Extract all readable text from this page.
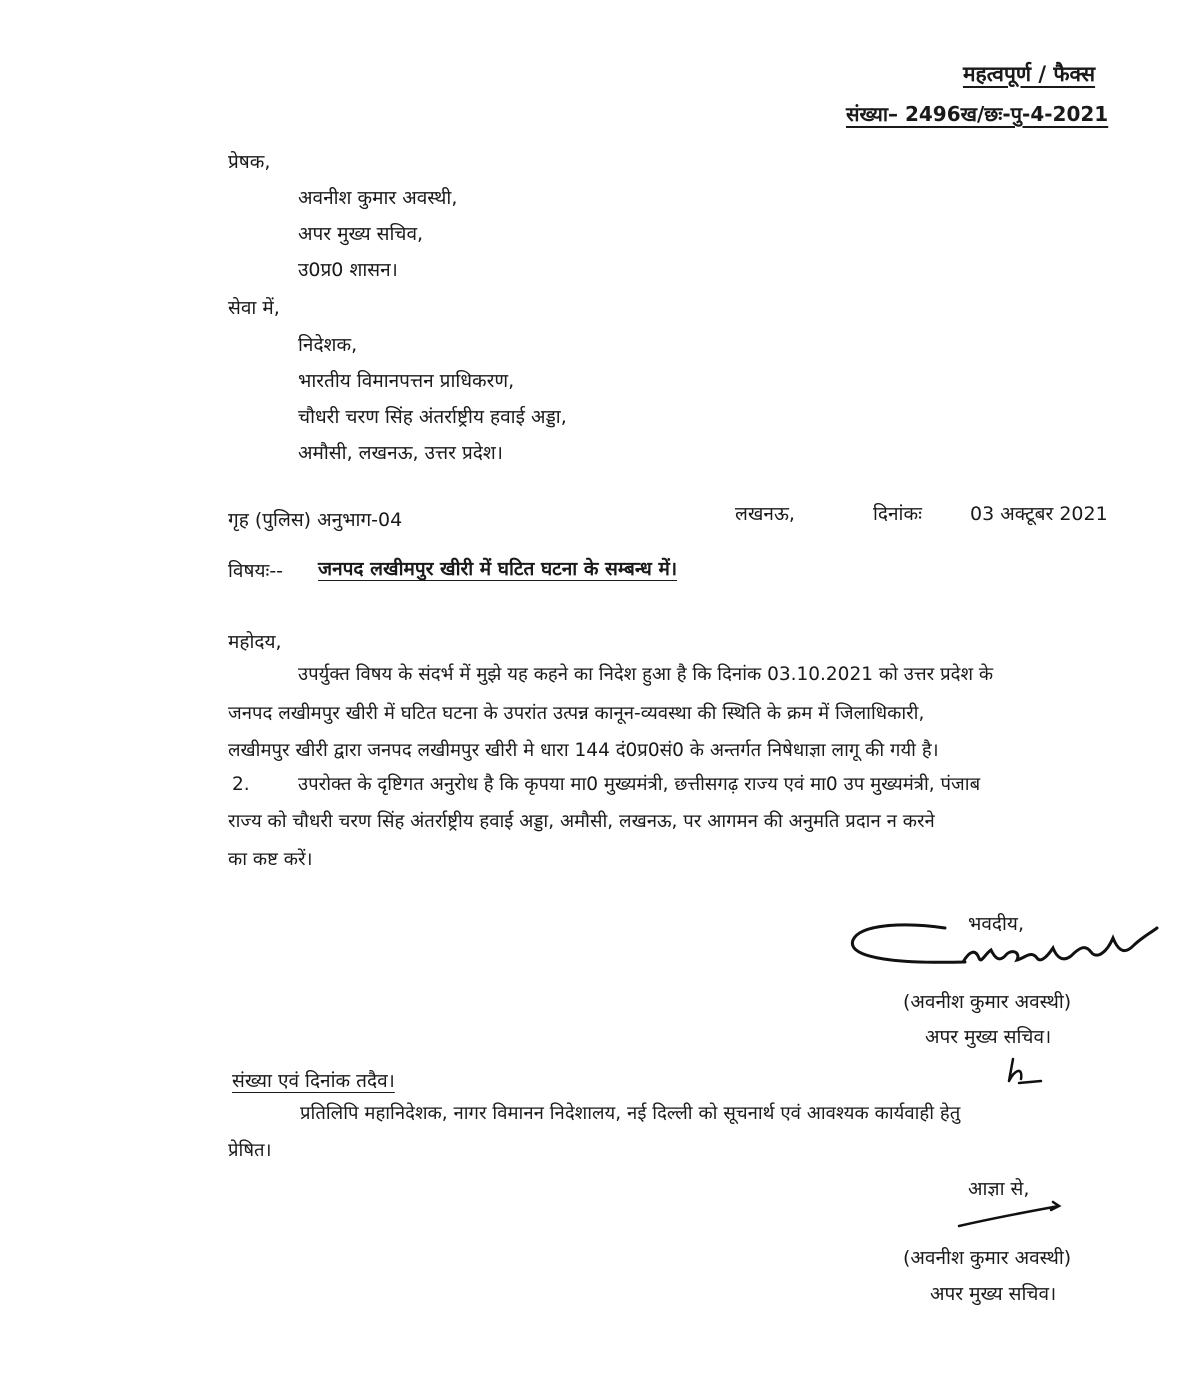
महत्वपूर्ण / फैक्स
संख्या– 2496ख/छः-पु-4-2021
प्रेषक,
अवनीश कुमार अवस्थी,
अपर मुख्य सचिव,
उ0प्र0 शासन।
सेवा में,
निदेशक,
भारतीय विमानपत्तन प्राधिकरण,
चौधरी चरण सिंह अंतर्राष्ट्रीय हवाई अड्डा,
अमौसी, लखनऊ, उत्तर प्रदेश।
गृह (पुलिस) अनुभाग-04	लखनऊ,	दिनांकः	03 अक्टूबर 2021
विषयः-- जनपद लखीमपुर खीरी में घटित घटना के सम्बन्ध में।
महोदय,
उपर्युक्त विषय के संदर्भ में मुझे यह कहने का निदेश हुआ है कि दिनांक 03.10.2021 को उत्तर प्रदेश के
जनपद लखीमपुर खीरी में घटित घटना के उपरांत उत्पन्न कानून-व्यवस्था की स्थिति के क्रम में जिलाधिकारी,
लखीमपुर खीरी द्वारा जनपद लखीमपुर खीरी मे धारा 144 दं0प्र0सं0 के अन्तर्गत निषेधाज्ञा लागू की गयी है।
2.	उपरोक्त के दृष्टिगत अनुरोध है कि कृपया मा0 मुख्यमंत्री, छत्तीसगढ़ राज्य एवं मा0 उप मुख्यमंत्री, पंजाब
राज्य को चौधरी चरण सिंह अंतर्राष्ट्रीय हवाई अड्डा, अमौसी, लखनऊ, पर आगमन की अनुमति प्रदान न करने
का कष्ट करें।
भवदीय,
(अवनीश कुमार अवस्थी)
अपर मुख्य सचिव।
संख्या एवं दिनांक तदैव।
प्रतिलिपि महानिदेशक, नागर विमानन निदेशालय, नई दिल्ली को सूचनार्थ एवं आवश्यक कार्यवाही हेतु
प्रेषित।
आज्ञा से,
(अवनीश कुमार अवस्थी)
अपर मुख्य सचिव।
